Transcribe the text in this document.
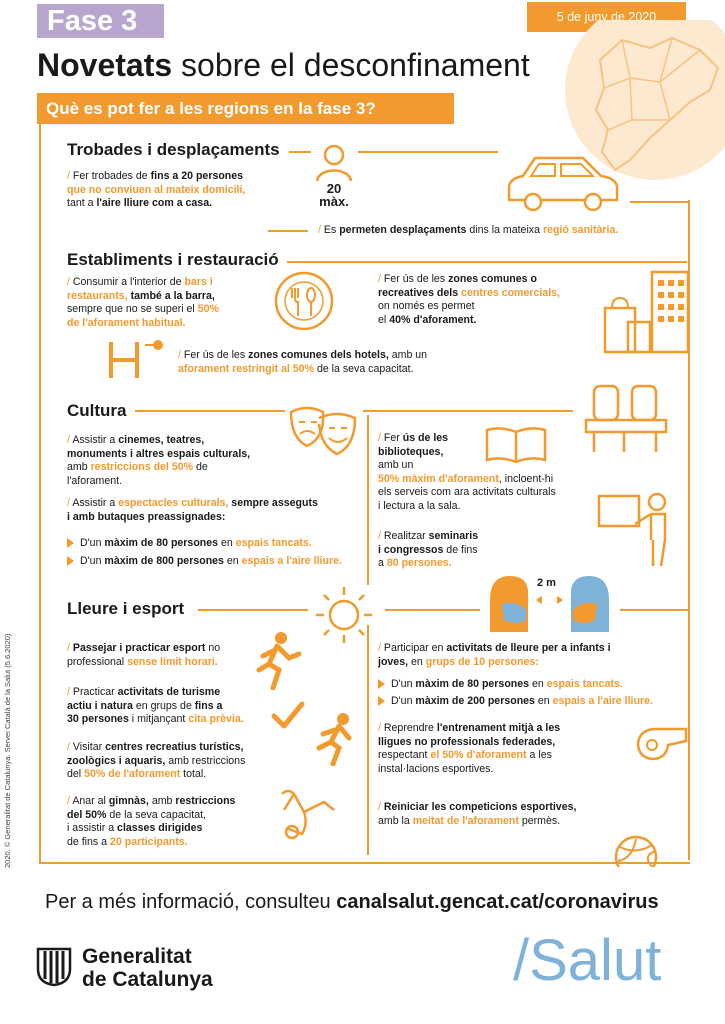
Fase 3	5 de juny de 2020
Novetats sobre el desconfinament
Què es pot fer a les regions en la fase 3?
2020. © Generalitat de Catalunya. Servei Català de la Salut (5.6.2020)
Trobades i desplaçaments
20
màx.
/ Fer trobades de fins a 20 persones
que no conviuen al mateix domicili,
tant a l'aire lliure com a casa.
/ Es permeten desplaçaments dins la mateixa regió sanitària.
Establiments i restauració
/ Consumir a l'interior de bars i
restaurants, també a la barra,
sempre que no se superi el 50%
de l'aforament habitual.
/ Fer ús de les zones comunes o
recreatives dels centres comercials,
on només es permet
el 40% d'aforament.
/ Fer ús de les zones comunes dels hotels, amb un
aforament restringit al 50% de la seva capacitat.
Cultura
/ Assistir a cinemes, teatres,
monuments i altres espais culturals,
amb restriccions del 50% de
l'aforament.
/ Assistir a espectacles culturals, sempre asseguts
i amb butaques preassignades:
D'un màxim de 80 persones en espais tancats.
D'un màxim de 800 persones en espais a l'aire lliure.
/ Fer ús de les
biblioteques,
amb un
50% màxim d'aforament, incloent-hi
els serveis com ara activitats culturals
i lectura a la sala.
/ Realitzar seminaris
i congressos de fins
a 80 persones.
Lleure i esport
2 m
/ Passejar i practicar esport no
professional sense límit horari.
/ Practicar activitats de turisme
actiu i natura en grups de fins a
30 persones i mitjançant cita prèvia.
/ Visitar centres recreatius turístics,
zoològics i aquaris, amb restriccions
del 50% de l'aforament total.
/ Anar al gimnàs, amb restriccions
del 50% de la seva capacitat,
i assistir a classes dirigides
de fins a 20 participants.
/ Participar en activitats de lleure per a infants i
joves, en grups de 10 persones:
D'un màxim de 80 persones en espais tancats.
D'un màxim de 200 persones en espais a l'aire lliure.
/ Reprendre l'entrenament mitjà a les
lligues no professionals federades,
respectant el 50% d'aforament a les
instal·lacions esportives.
/ Reiniciar les competicions esportives,
amb la meitat de l'aforament permès.
Per a més informació, consulteu canalsalut.gencat.cat/coronavirus
Generalitat
de Catalunya	/Salut
